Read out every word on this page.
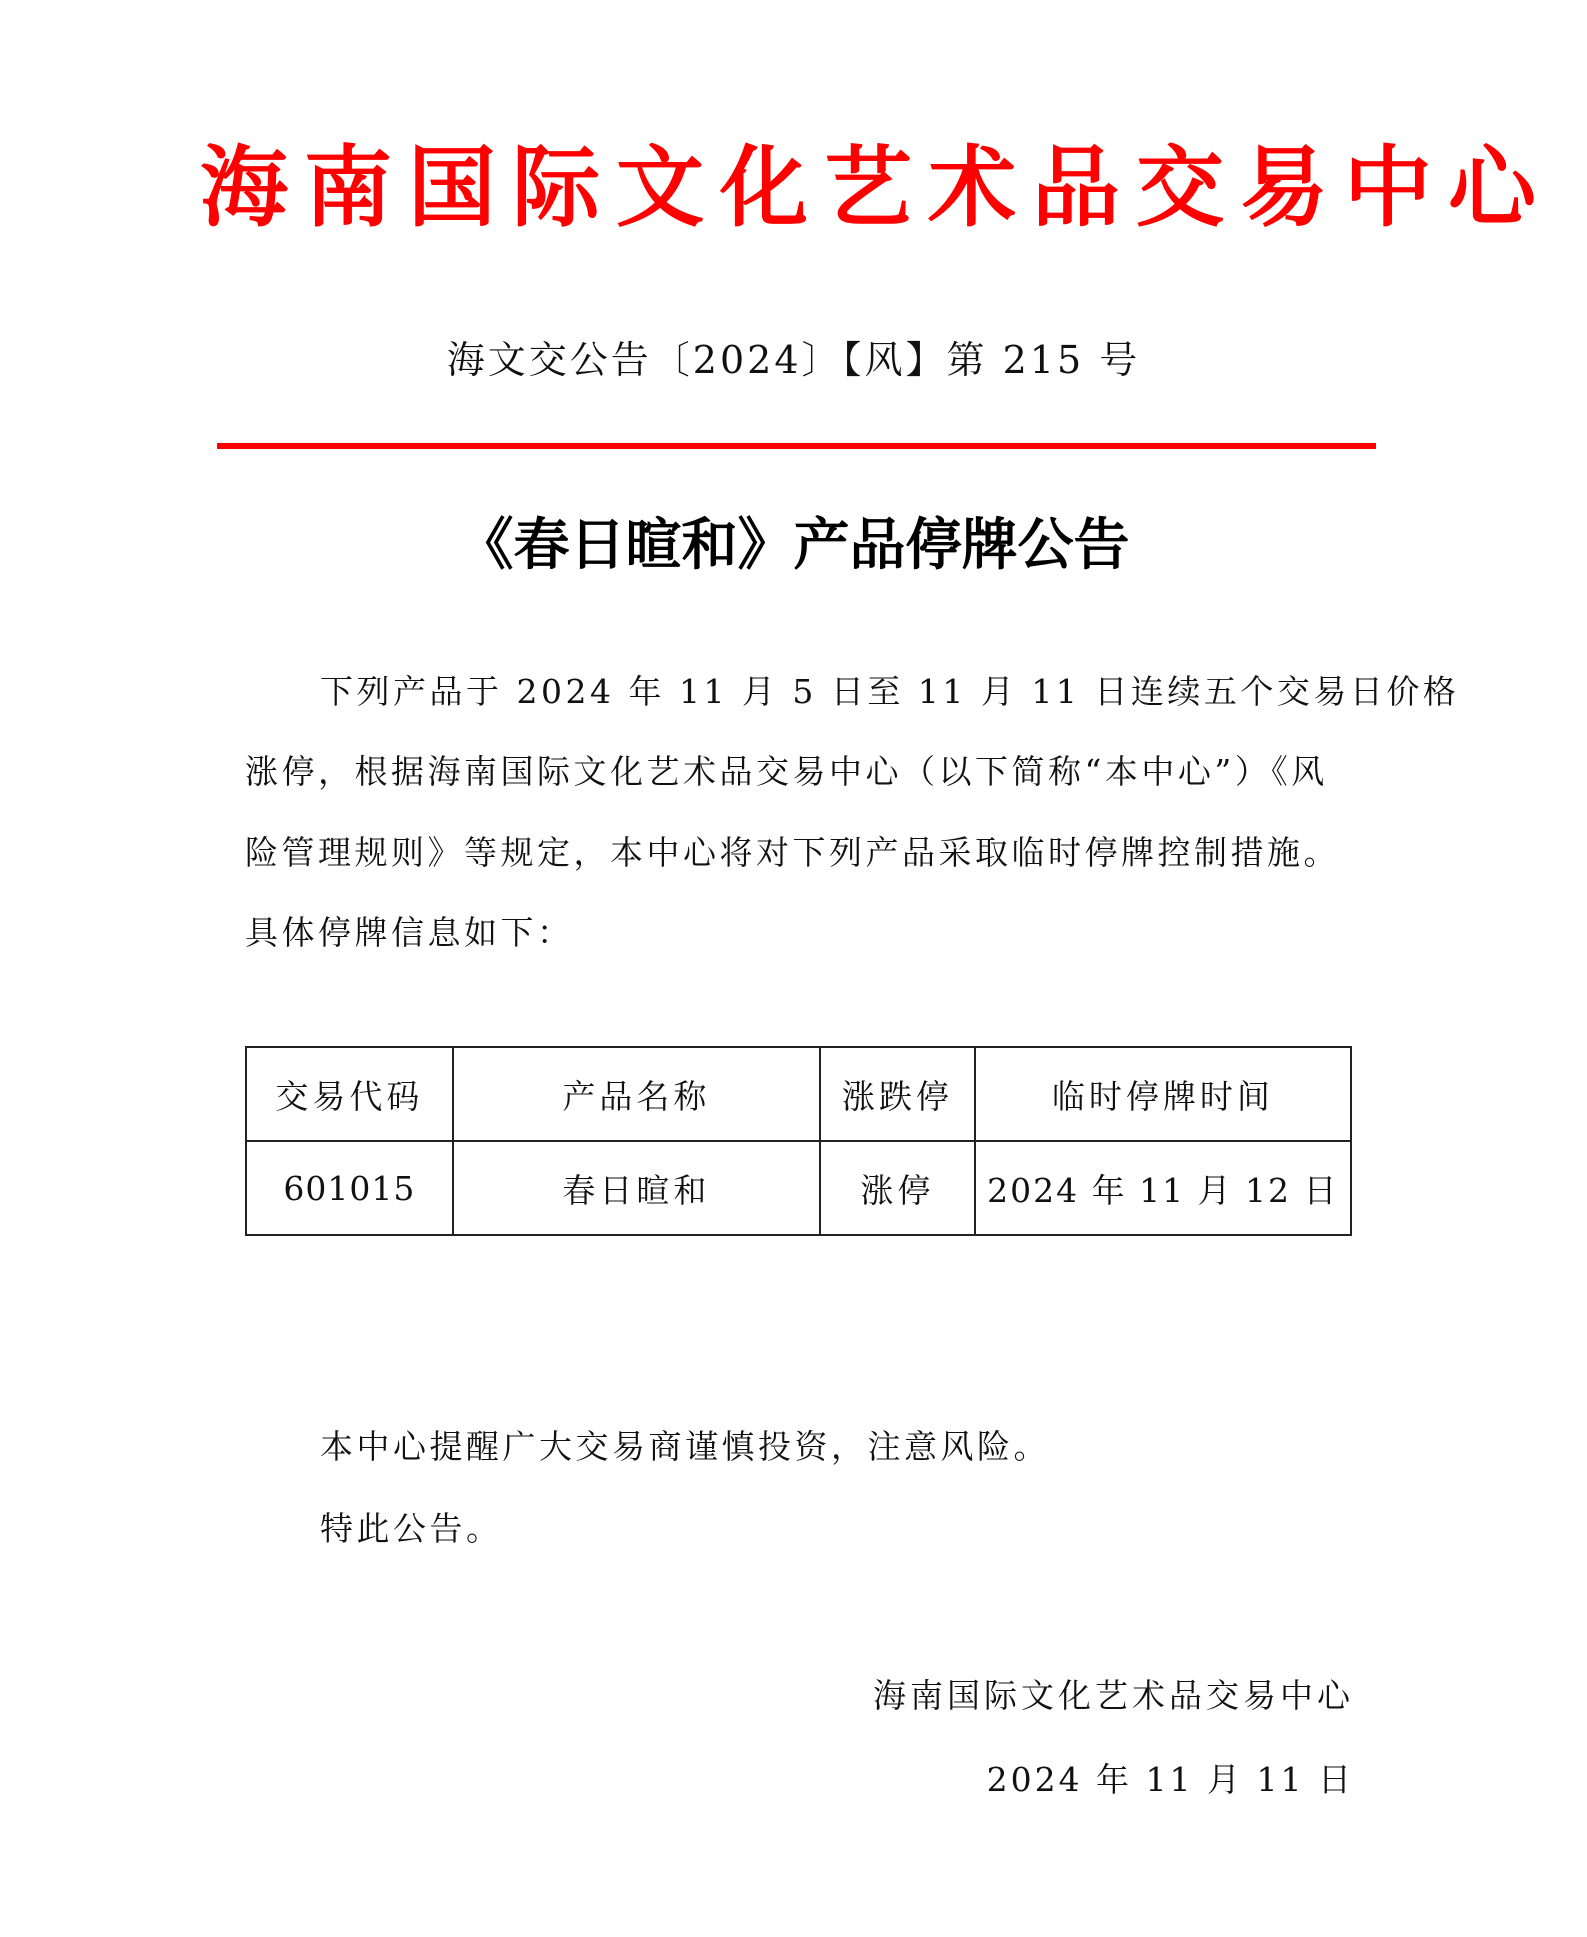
海南国际文化艺术品交易中心
海文交公告〔2024〕【风】第 215 号
《春日暄和》产品停牌公告
下列产品于 2024 年 11 月 5 日至 11 月 11 日连续五个交易日价格
涨停，根据海南国际文化艺术品交易中心（以下简称“本中心”）《风
险管理规则》等规定，本中心将对下列产品采取临时停牌控制措施。
具体停牌信息如下：
交易代码	产品名称	涨跌停	临时停牌时间
601015	春日暄和	涨停	2024 年 11 月 12 日
本中心提醒广大交易商谨慎投资，注意风险。
特此公告。
海南国际文化艺术品交易中心
2024 年 11 月 11 日
